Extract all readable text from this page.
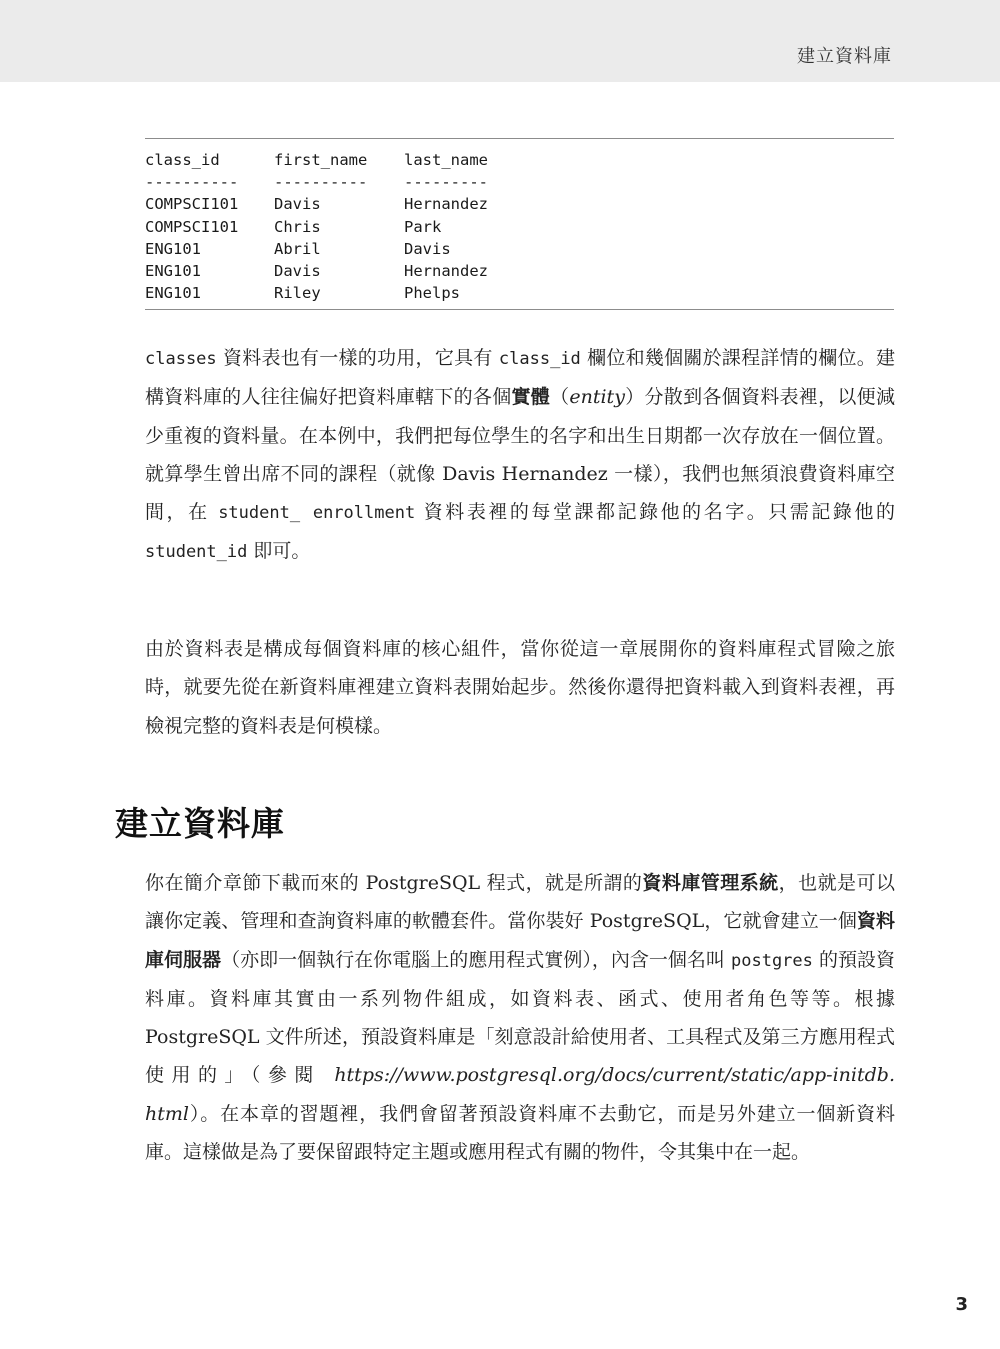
建立資料庫
class_id	first_name	last_name
----------	----------	---------
COMPSCI101	Davis	Hernandez
COMPSCI101	Chris	Park
ENG101	Abril	Davis
ENG101	Davis	Hernandez
ENG101	Riley	Phelps

classes 資料表也有一樣的功用，它具有 class_id 欄位和幾個關於課程詳情的欄位。建構資料庫的人往往偏好把資料庫轄下的各個實體（entity）分散到各個資料表裡，以便減少重複的資料量。在本例中，我們把每位學生的名字和出生日期都一次存放在一個位置。就算學生曾出席不同的課程（就像 Davis Hernandez 一樣），我們也無須浪費資料庫空間，在 student_ enrollment 資料表裡的每堂課都記錄他的名字。只需記錄他的 student_id 即可。

由於資料表是構成每個資料庫的核心組件，當你從這一章展開你的資料庫程式冒險之旅時，就要先從在新資料庫裡建立資料表開始起步。然後你還得把資料載入到資料表裡，再檢視完整的資料表是何模樣。

建立資料庫

你在簡介章節下載而來的 PostgreSQL 程式，就是所謂的資料庫管理系統，也就是可以讓你定義、管理和查詢資料庫的軟體套件。當你裝好 PostgreSQL，它就會建立一個資料庫伺服器（亦即一個執行在你電腦上的應用程式實例），內含一個名叫 postgres 的預設資料庫。資料庫其實由一系列物件組成，如資料表、函式、使用者角色等等。根據 PostgreSQL 文件所述，預設資料庫是「刻意設計給使用者、工具程式及第三方應用程式使用的」（參閱 https://www.postgresql.org/docs/current/static/app-initdb. html）。在本章的習題裡，我們會留著預設資料庫不去動它，而是另外建立一個新資料庫。這樣做是為了要保留跟特定主題或應用程式有關的物件，令其集中在一起。

3
